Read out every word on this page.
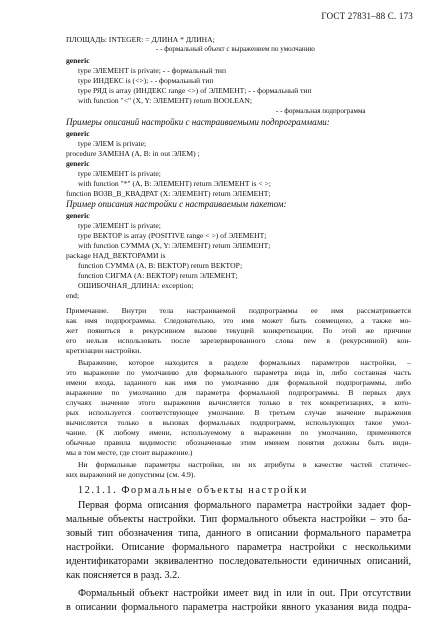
ГОСТ 27831–88 С. 173
ПЛОЩАДЬ: INTEGER: = ДЛИНА * ДЛИНА;
- - формальный объект с выражением по умолчанию
generic
type ЭЛЕМЕНТ is private; - - формальный тип
type ИНДЕКС is (<>); - - формальный тип
type РЯД is array (ИНДЕКС range <>) of ЭЛЕМЕНТ; - - формальный тип
with function "<" (X, Y: ЭЛЕМЕНТ) return BOOLEAN;
- - формальная подпрограмма
Примеры описаний настройки с настраиваемыми подпрограммами:
generic
type ЭЛЕМ is private;
procedure ЗАМЕНА (A, B: in out ЭЛЕМ) ;
generic
type ЭЛЕМЕНТ is private;
with function "*" (A, B: ЭЛЕМЕНТ) return ЭЛЕМЕНТ is < >;
function ВОЗВ_В_КВАДРАТ (X: ЭЛЕМЕНТ) return ЭЛЕМЕНТ;
Пример описания настройки с настраиваемым пакетом:
generic
type ЭЛЕМЕНТ is private;
type ВЕКТОР is array (POSITIVE range < >) of ЭЛЕМЕНТ;
with function СУММА (X, Y: ЭЛЕМЕНТ) return ЭЛЕМЕНТ;
package НАД_ВЕКТОРАМИ is
function СУММА (A, B: ВЕКТОР) return ВЕКТОР;
function СИГМА (A: ВЕКТОР) return ЭЛЕМЕНТ;
ОШИБОЧНАЯ_ДЛИНА: exception;
end;
Примечание. Внутри тела настраиваемой подпрограммы ее имя рассматривается
как имя подпрограммы. Следовательно, это имя может быть совмещено, а также мо-
жет появиться в рекурсивном вызове текущей конкретизации. По этой же причине
его нельзя использовать после зарезервированного слова new в (рекурсивной) кон-
кретизации настройки.
Выражение, которое находится в разделе формальных параметров настройки, –
это выражение по умолчанию для формального параметра вида in, либо составная часть
имени входа, заданного как имя по умолчанию для формальной подпрограммы, либо
выражение по умолчанию для параметра формальной подпрограммы. В первых двух
случаях значение этого выражения вычисляется только в тех конкретизациях, в кото-
рых используется соответствующее умолчание. В третьем случае значение выражения
вычисляется только в вызовах формальных подпрограмм, использующих такое умол-
чание. (К любому имени, используемому в выражении по умолчанию, применяются
обычные правила видимости: обозначенные этим именем понятия должны быть види-
мы в том месте, где стоит выражение.)
Ни формальные параметры настройки, ни их атрибуты в качестве частей статичес-
ких выражений не допустимы (см. 4.9).
12.1.1. Формальные объекты настройки
Первая форма описания формального параметра настройки задает фор-
мальные объекты настройки. Тип формального объекта настройки – это ба-
зовый тип обозначения типа, данного в описании формального параметра
настройки. Описание формального параметра настройки с несколькими
идентификаторами эквивалентно последовательности единичных описаний,
как поясняется в разд. 3.2.
Формальный объект настройки имеет вид in или in out. При отсутствии
в описании формального параметра настройки явного указания вида подра-
